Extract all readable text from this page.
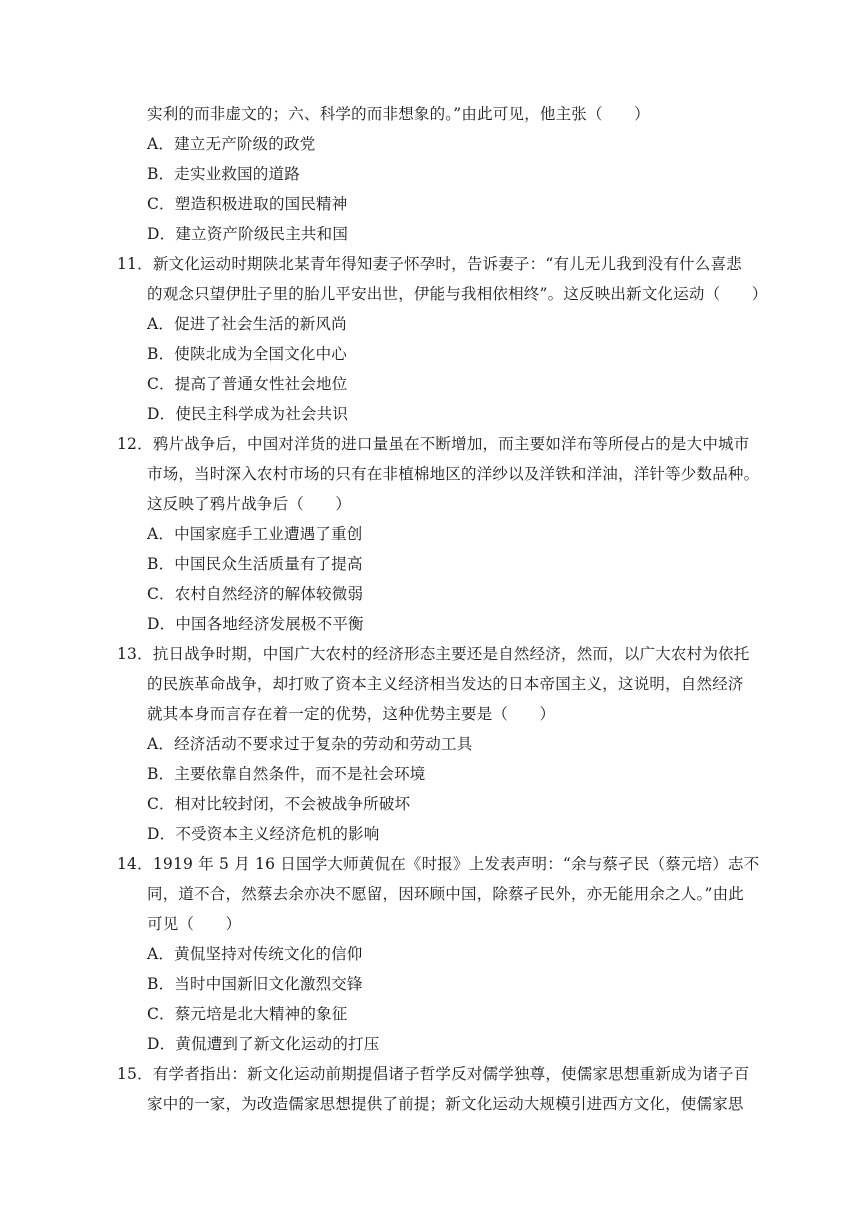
实利的而非虚文的；六、科学的而非想象的。”由此可见，他主张（　　）
A．建立无产阶级的政党
B．走实业救国的道路
C．塑造积极进取的国民精神
D．建立资产阶级民主共和国
11．新文化运动时期陕北某青年得知妻子怀孕时，告诉妻子：“有儿无儿我到没有什么喜悲
的观念只望伊肚子里的胎儿平安出世，伊能与我相依相终”。这反映出新文化运动（　　）
A．促进了社会生活的新风尚
B．使陕北成为全国文化中心
C．提高了普通女性社会地位
D．使民主科学成为社会共识
12．鸦片战争后，中国对洋货的进口量虽在不断增加，而主要如洋布等所侵占的是大中城市
市场，当时深入农村市场的只有在非植棉地区的洋纱以及洋铁和洋油，洋针等少数品种。
这反映了鸦片战争后（　　）
A．中国家庭手工业遭遇了重创
B．中国民众生活质量有了提高
C．农村自然经济的解体较微弱
D．中国各地经济发展极不平衡
13．抗日战争时期，中国广大农村的经济形态主要还是自然经济，然而，以广大农村为依托
的民族革命战争，却打败了资本主义经济相当发达的日本帝国主义，这说明，自然经济
就其本身而言存在着一定的优势，这种优势主要是（　　）
A．经济活动不要求过于复杂的劳动和劳动工具
B．主要依靠自然条件，而不是社会环境
C．相对比较封闭，不会被战争所破坏
D．不受资本主义经济危机的影响
14．1919 年 5 月 16 日国学大师黄侃在《时报》上发表声明：“余与蔡孑民（蔡元培）志不
同，道不合，然蔡去余亦决不愿留，因环顾中国，除蔡孑民外，亦无能用余之人。”由此
可见（　　）
A．黄侃坚持对传统文化的信仰
B．当时中国新旧文化激烈交锋
C．蔡元培是北大精神的象征
D．黄侃遭到了新文化运动的打压
15．有学者指出：新文化运动前期提倡诸子哲学反对儒学独尊，使儒家思想重新成为诸子百
家中的一家，为改造儒家思想提供了前提；新文化运动大规模引进西方文化，使儒家思
